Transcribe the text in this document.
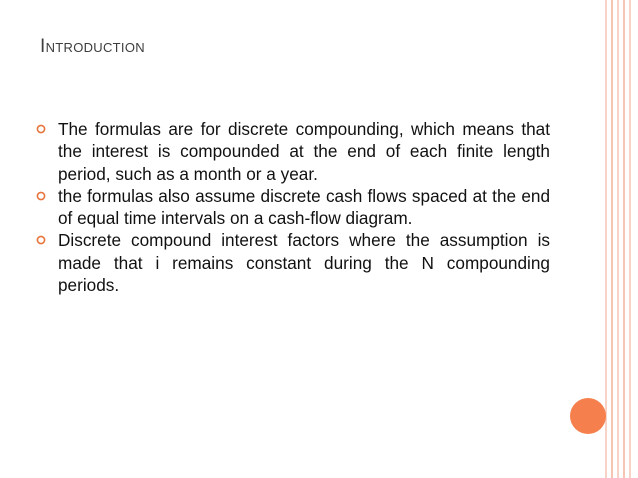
Introduction
The formulas are for discrete compounding, which means that the interest is compounded at the end of each finite length period, such as a month or a year.
the formulas also assume discrete cash flows spaced at the end of equal time intervals on a cash-flow diagram.
Discrete compound interest factors where the assumption is made that i remains constant during the N compounding periods.
